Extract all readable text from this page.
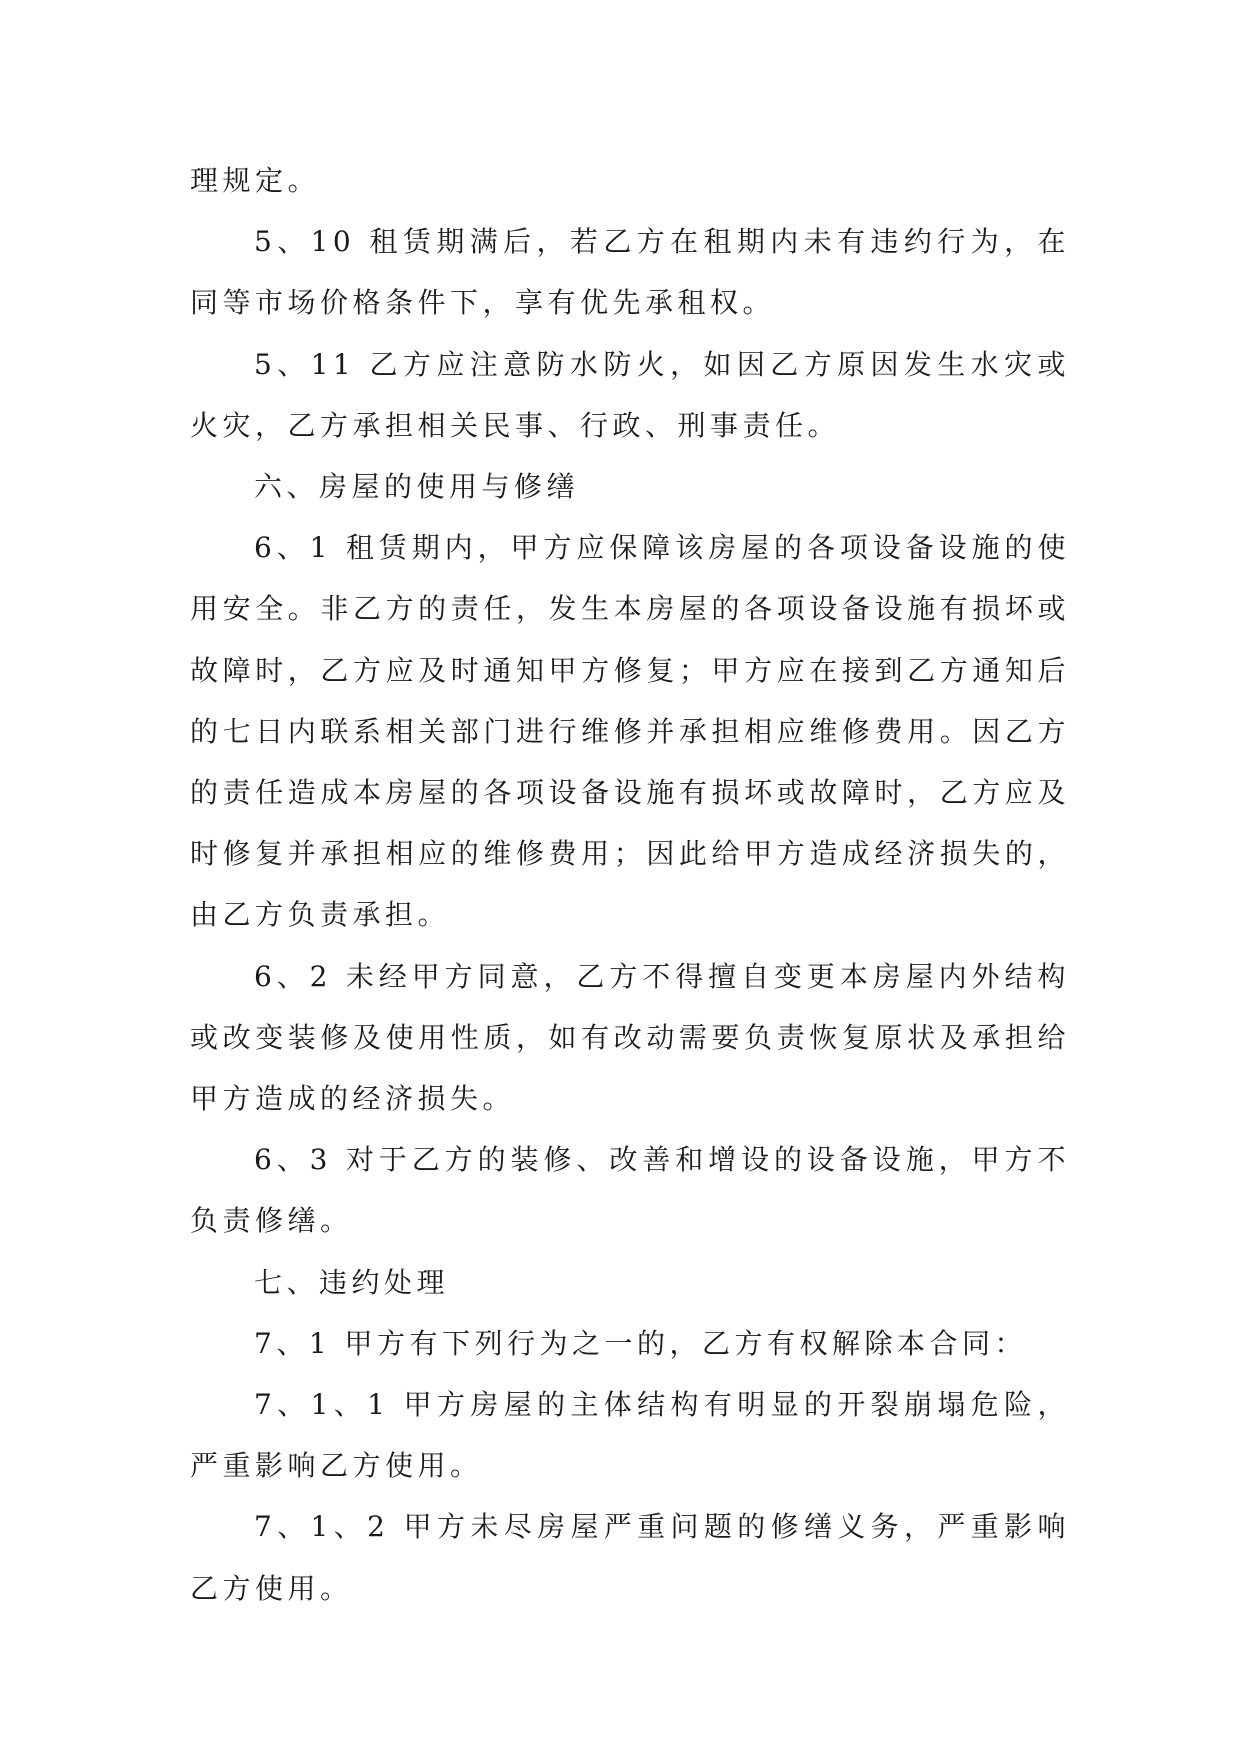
理规定。

5、10 租赁期满后，若乙方在租期内未有违约行为，在同等市场价格条件下，享有优先承租权。

5、11 乙方应注意防水防火，如因乙方原因发生水灾或火灾，乙方承担相关民事、行政、刑事责任。

六、房屋的使用与修缮

6、1 租赁期内，甲方应保障该房屋的各项设备设施的使用安全。非乙方的责任，发生本房屋的各项设备设施有损坏或故障时，乙方应及时通知甲方修复；甲方应在接到乙方通知后的七日内联系相关部门进行维修并承担相应维修费用。因乙方的责任造成本房屋的各项设备设施有损坏或故障时，乙方应及时修复并承担相应的维修费用；因此给甲方造成经济损失的，由乙方负责承担。

6、2 未经甲方同意，乙方不得擅自变更本房屋内外结构或改变装修及使用性质，如有改动需要负责恢复原状及承担给甲方造成的经济损失。

6、3 对于乙方的装修、改善和增设的设备设施，甲方不负责修缮。

七、违约处理

7、1 甲方有下列行为之一的，乙方有权解除本合同：

7、1、1 甲方房屋的主体结构有明显的开裂崩塌危险，严重影响乙方使用。

7、1、2 甲方未尽房屋严重问题的修缮义务，严重影响乙方使用。
